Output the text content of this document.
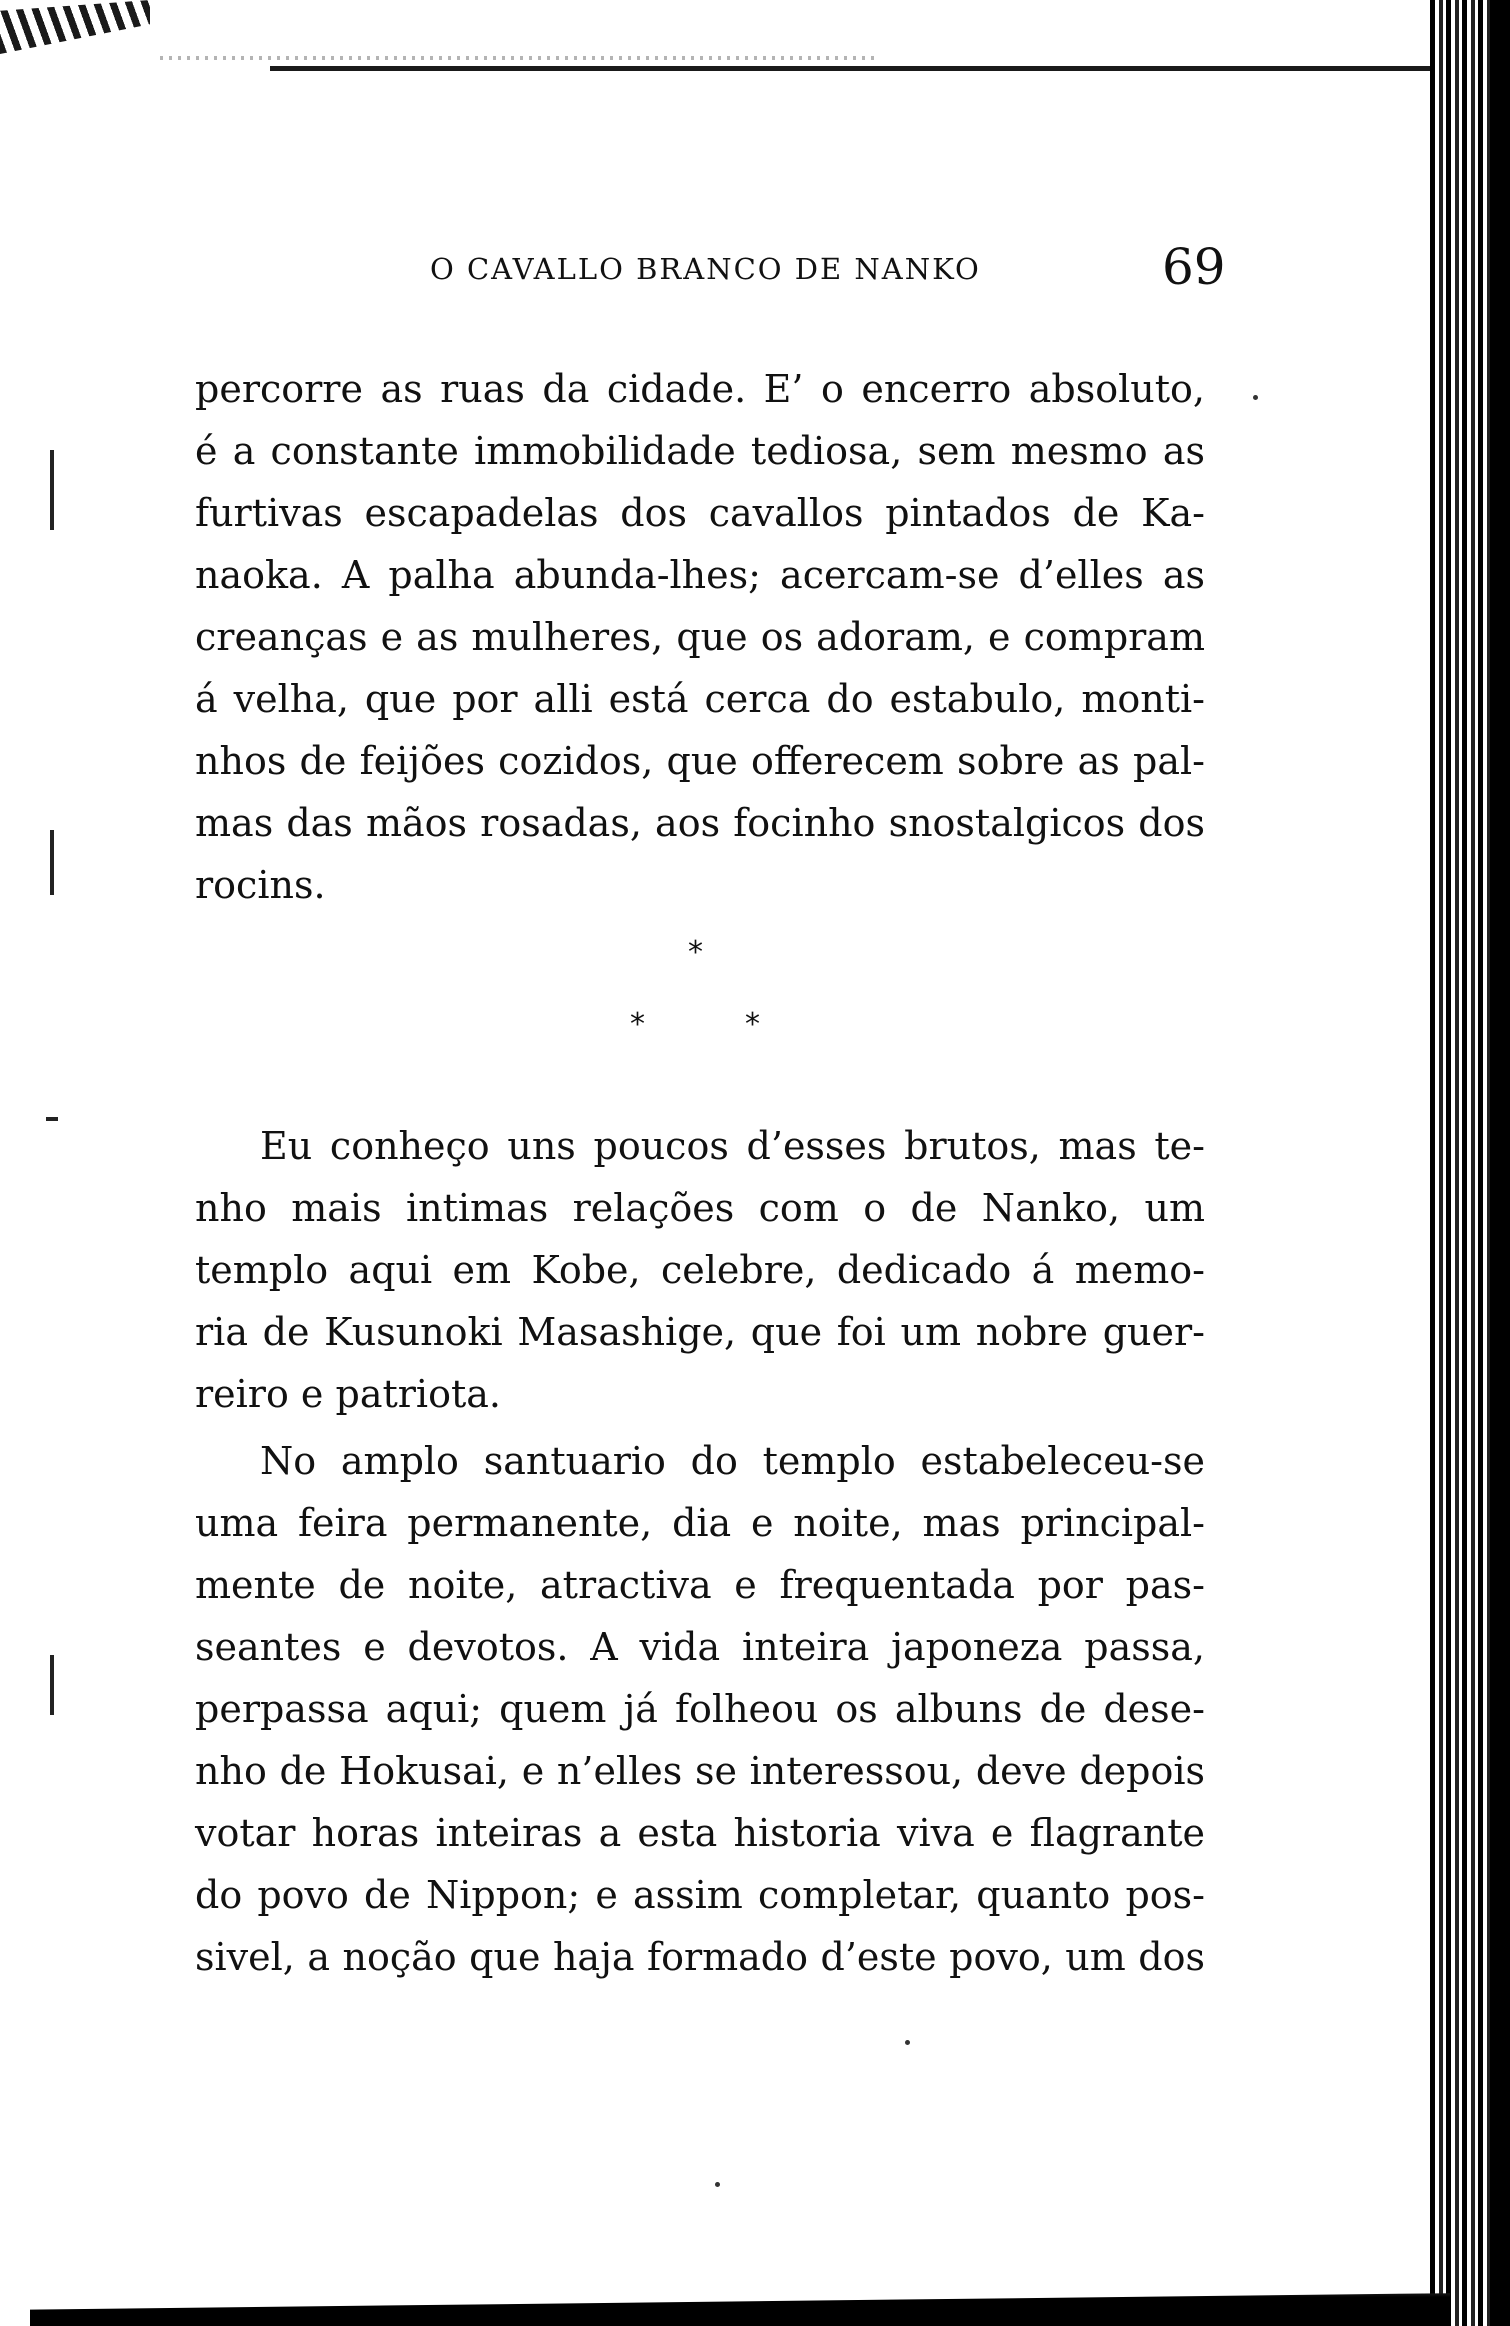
O CAVALLO BRANCO DE NANKO	69
percorre as ruas da cidade. E’ o encerro absoluto,
é a constante immobilidade tediosa, sem mesmo as
furtivas escapadelas dos cavallos pintados de Ka-
naoka. A palha abunda-lhes; acercam-se d’elles as
creanças e as mulheres, que os adoram, e compram
á velha, que por alli está cerca do estabulo, monti-
nhos de feijões cozidos, que offerecem sobre as pal-
mas das mãos rosadas, aos focinho snostalgicos dos
rocins.
*
*	*
Eu conheço uns poucos d’esses brutos, mas te-
nho mais intimas relações com o de Nanko, um
templo aqui em Kobe, celebre, dedicado á memo-
ria de Kusunoki Masashige, que foi um nobre guer-
reiro e patriota.
No amplo santuario do templo estabeleceu-se
uma feira permanente, dia e noite, mas principal-
mente de noite, atractiva e frequentada por pas-
seantes e devotos. A vida inteira japoneza passa,
perpassa aqui; quem já folheou os albuns de dese-
nho de Hokusai, e n’elles se interessou, deve depois
votar horas inteiras a esta historia viva e flagrante
do povo de Nippon; e assim completar, quanto pos-
sivel, a noção que haja formado d’este povo, um dos
